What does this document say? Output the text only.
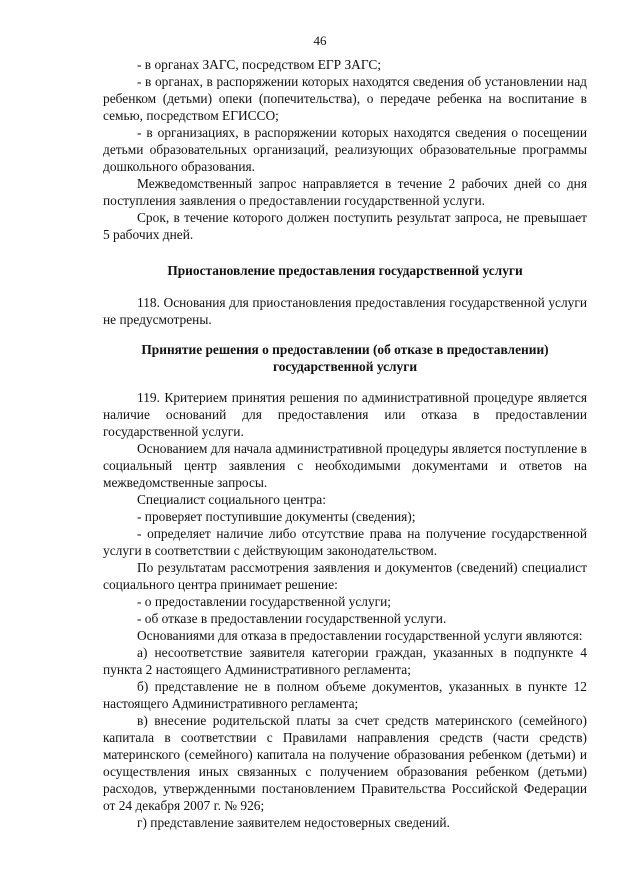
46

- в органах ЗАГС, посредством ЕГР ЗАГС;

- в органах, в распоряжении которых находятся сведения об установлении над ребенком (детьми) опеки (попечительства), о передаче ребенка на воспитание в семью, посредством ЕГИССО;

- в организациях, в распоряжении которых находятся сведения о посещении детьми образовательных организаций, реализующих образовательные программы дошкольного образования.

Межведомственный запрос направляется в течение 2 рабочих дней со дня поступления заявления о предоставлении государственной услуги.

Срок, в течение которого должен поступить результат запроса, не превышает 5 рабочих дней.

Приостановление предоставления государственной услуги

118. Основания для приостановления предоставления государственной услуги не предусмотрены.

Принятие решения о предоставлении (об отказе в предоставлении)

государственной услуги

119. Критерием принятия решения по административной процедуре является наличие оснований для предоставления или отказа в предоставлении государственной услуги.

Основанием для начала административной процедуры является поступление в социальный центр заявления с необходимыми документами и ответов на межведомственные запросы.

Специалист социального центра:

- проверяет поступившие документы (сведения);

- определяет наличие либо отсутствие права на получение государственной услуги в соответствии с действующим законодательством.

По результатам рассмотрения заявления и документов (сведений) специалист социального центра принимает решение:

- о предоставлении государственной услуги;

- об отказе в предоставлении государственной услуги.

Основаниями для отказа в предоставлении государственной услуги являются:

а) несоответствие заявителя категории граждан, указанных в подпункте 4 пункта 2 настоящего Административного регламента;

б) представление не в полном объеме документов, указанных в пункте 12 настоящего Административного регламента;

в) внесение родительской платы за счет средств материнского (семейного) капитала в соответствии с Правилами направления средств (части средств) материнского (семейного) капитала на получение образования ребенком (детьми) и осуществления иных связанных с получением образования ребенком (детьми) расходов, утвержденными постановлением Правительства Российской Федерации от 24 декабря 2007 г. № 926;

г) представление заявителем недостоверных сведений.
